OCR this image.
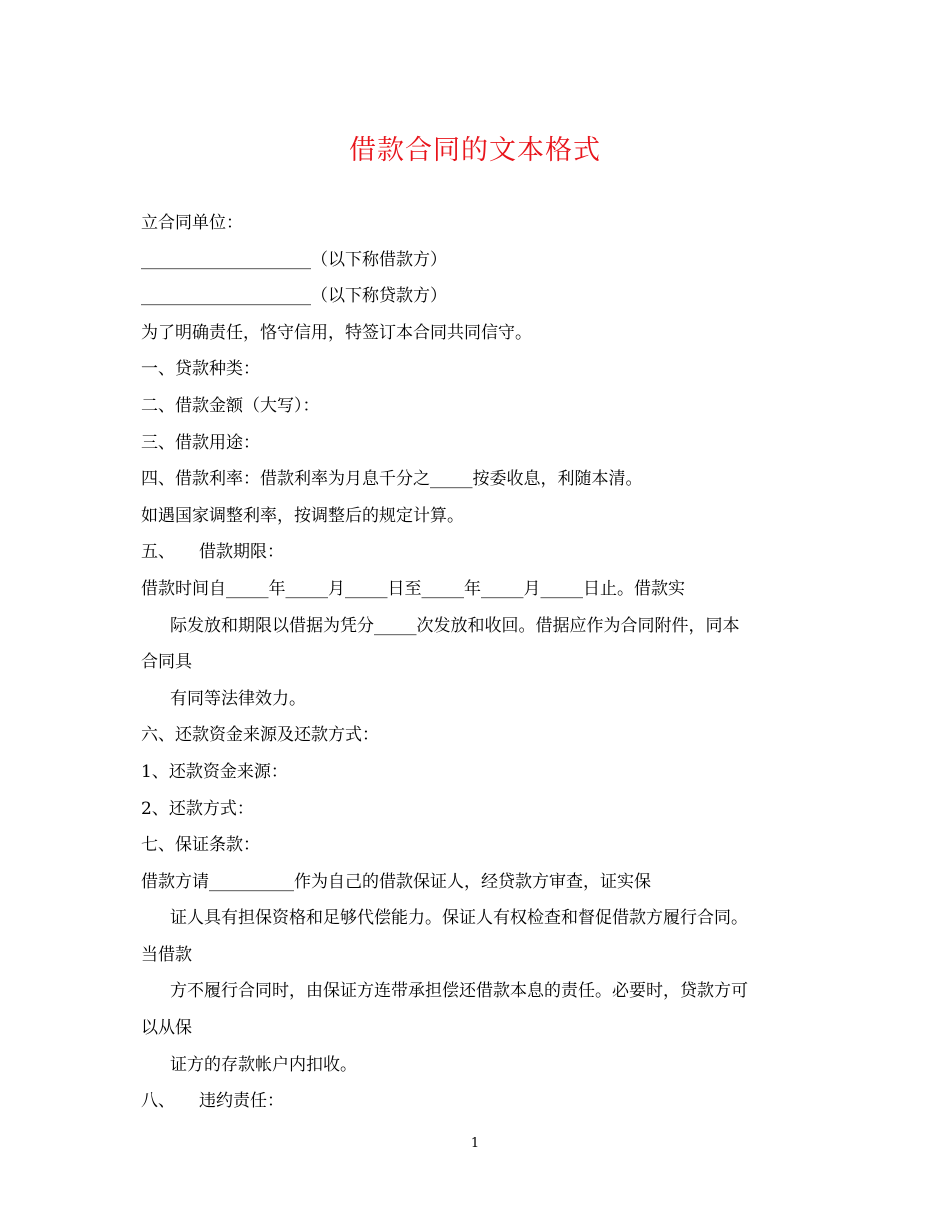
借款合同的文本格式
立合同单位：
____________________（以下称借款方）
____________________（以下称贷款方）
为了明确责任，恪守信用，特签订本合同共同信守。
一、贷款种类：
二、借款金额（大写）：
三、借款用途：
四、借款利率：借款利率为月息千分之_____按委收息，利随本清。
如遇国家调整利率，按调整后的规定计算。
五、 借款期限：
借款时间自_____年_____月_____日至_____年_____月_____日止。借款实
际发放和期限以借据为凭分_____次发放和收回。借据应作为合同附件，同本
合同具
有同等法律效力。
六、还款资金来源及还款方式：
1、还款资金来源：
2、还款方式：
七、保证条款：
借款方请__________作为自己的借款保证人，经贷款方审查，证实保
证人具有担保资格和足够代偿能力。保证人有权检查和督促借款方履行合同。
当借款
方不履行合同时，由保证方连带承担偿还借款本息的责任。必要时，贷款方可
以从保
证方的存款帐户内扣收。
八、 违约责任：
1
